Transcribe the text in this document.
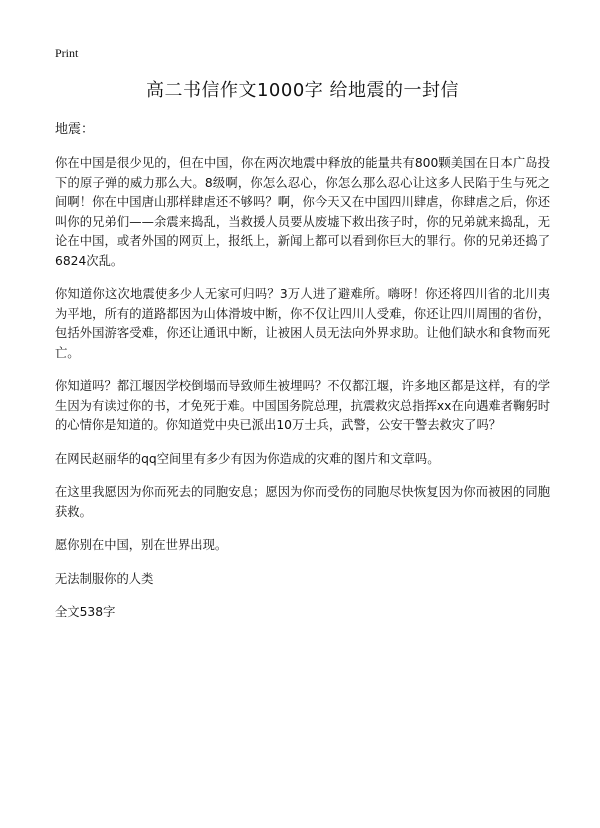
Print
高二书信作文1000字 给地震的一封信
地震：

你在中国是很少见的，但在中国，你在两次地震中释放的能量共有800颗美国在日本广岛投下的原子弹的威力那么大。8级啊，你怎么忍心，你怎么那么忍心让这多人民陷于生与死之间啊！你在中国唐山那样肆虐还不够吗？啊，你今天又在中国四川肆虐，你肆虐之后，你还叫你的兄弟们——余震来捣乱，当救援人员要从废墟下救出孩子时，你的兄弟就来捣乱，无论在中国，或者外国的网页上，报纸上，新闻上都可以看到你巨大的罪行。你的兄弟还捣了6824次乱。

你知道你这次地震使多少人无家可归吗？3万人进了避难所。嗨呀！你还将四川省的北川夷为平地，所有的道路都因为山体滑坡中断，你不仅让四川人受难，你还让四川周围的省份，包括外国游客受难，你还让通讯中断，让被困人员无法向外界求助。让他们缺水和食物而死亡。

你知道吗？都江堰因学校倒塌而导致师生被埋吗？不仅都江堰，许多地区都是这样，有的学生因为有读过你的书，才免死于难。中国国务院总理，抗震救灾总指挥xx在向遇难者鞠躬时的心情你是知道的。你知道党中央已派出10万士兵，武警，公安干警去救灾了吗？

在网民赵丽华的qq空间里有多少有因为你造成的灾难的图片和文章吗。

在这里我愿因为你而死去的同胞安息；愿因为你而受伤的同胞尽快恢复因为你而被困的同胞获救。

愿你别在中国，别在世界出现。

无法制服你的人类
全文538字
